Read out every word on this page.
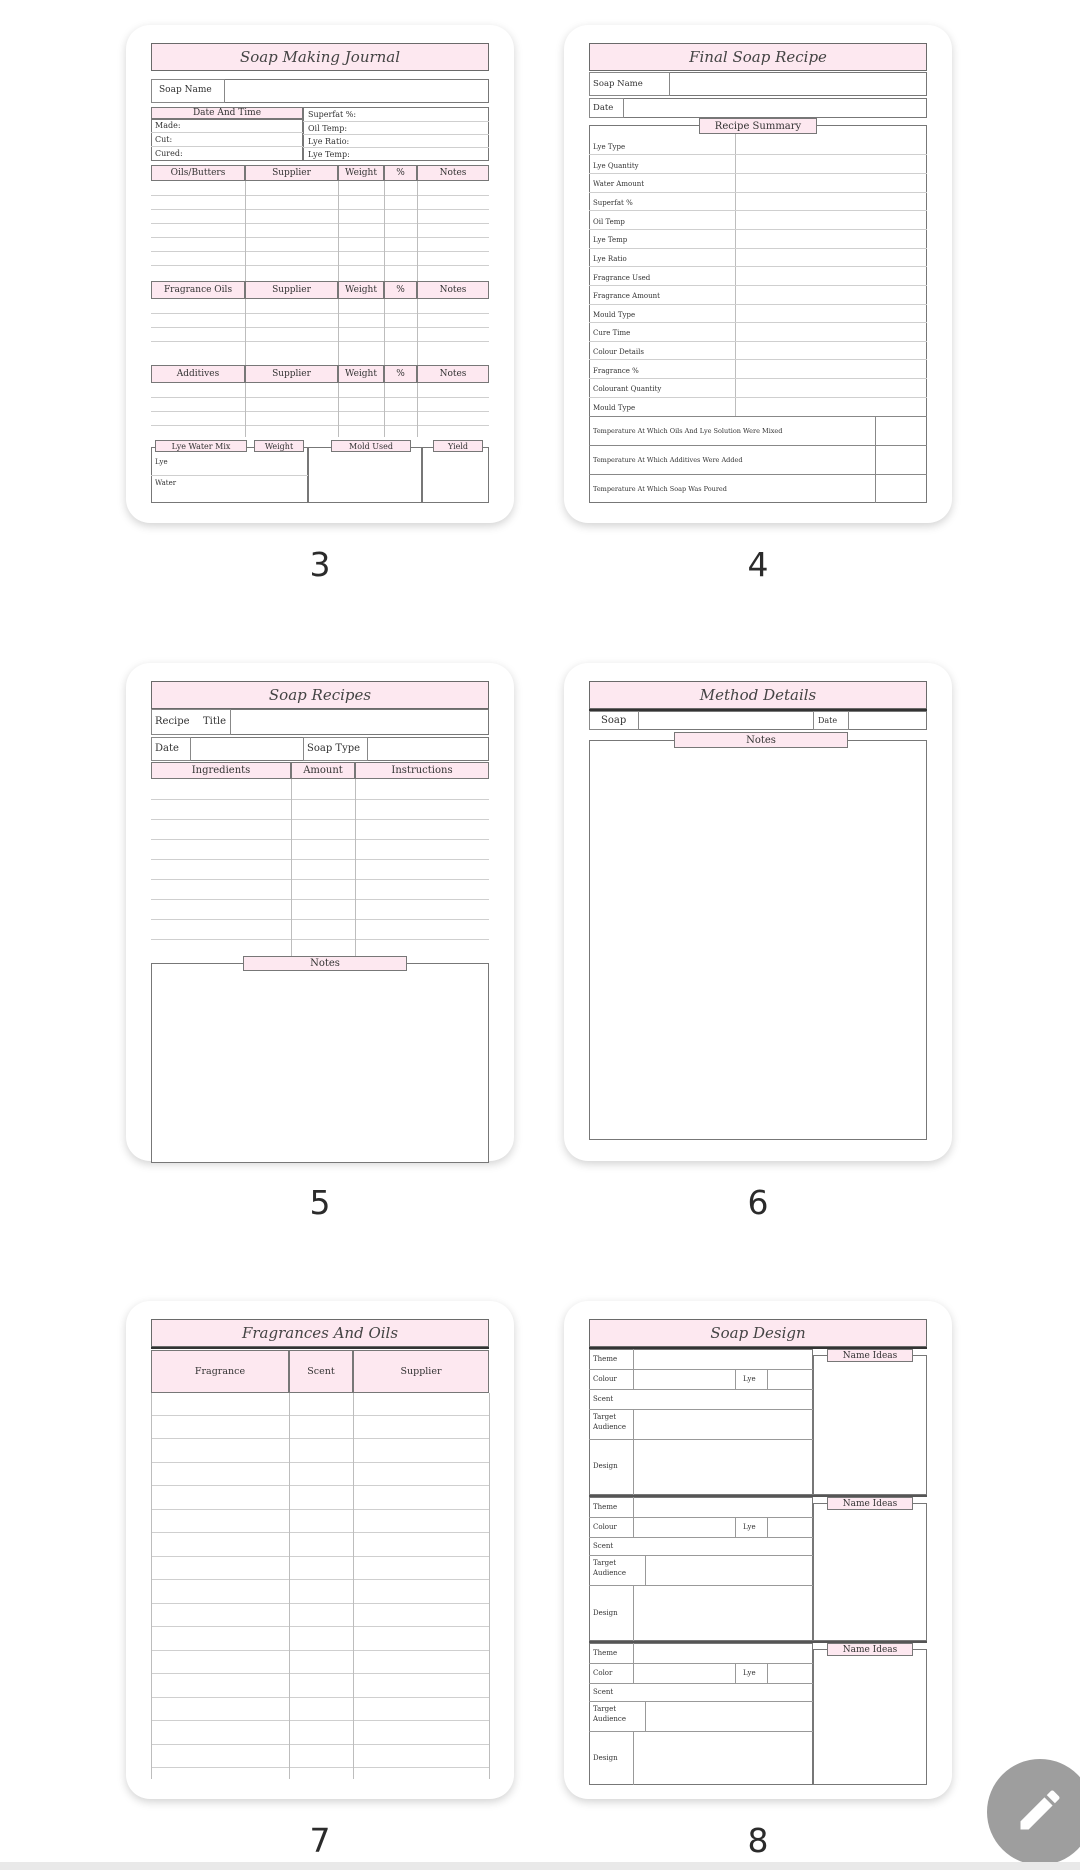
Soap Making Journal
Soap Name
Date And Time
Made:
Cut:
Cured:
Superfat %:
Oil Temp:
Lye Ratio:
Lye Temp:
Oils/Butters	Supplier	Weight	%	Notes
Fragrance Oils	Supplier	Weight	%	Notes
Additives	Supplier	Weight	%	Notes
Lye Water Mix	Weight	Mold Used	Yield
Lye
Water
3
Final Soap Recipe
Soap Name
Date
Recipe Summary
Lye Type
Lye Quantity
Water Amount
Superfat %
Oil Temp
Lye Temp
Lye Ratio
Fragrance Used
Fragrance Amount
Mould Type
Cure Time
Colour Details
Fragrance %
Colourant Quantity
Mould Type
Temperature At Which Oils And Lye Solution Were Mixed
Temperature At Which Additives Were Added
Temperature At Which Soap Was Poured
4
Soap Recipes
Recipe Title
Date	Soap Type
Ingredients	Amount	Instructions
Notes
5
Method Details
Soap	Date
Notes
6
Fragrances And Oils
Fragrance	Scent	Supplier
7
Soap Design
Theme
Colour	Lye
Scent
Target
Audience
Design
Name Ideas
Theme
Colour	Lye
Scent
Target
Audience
Design
Name Ideas
Theme
Color	Lye
Scent
Target
Audience
Design
Name Ideas
8
